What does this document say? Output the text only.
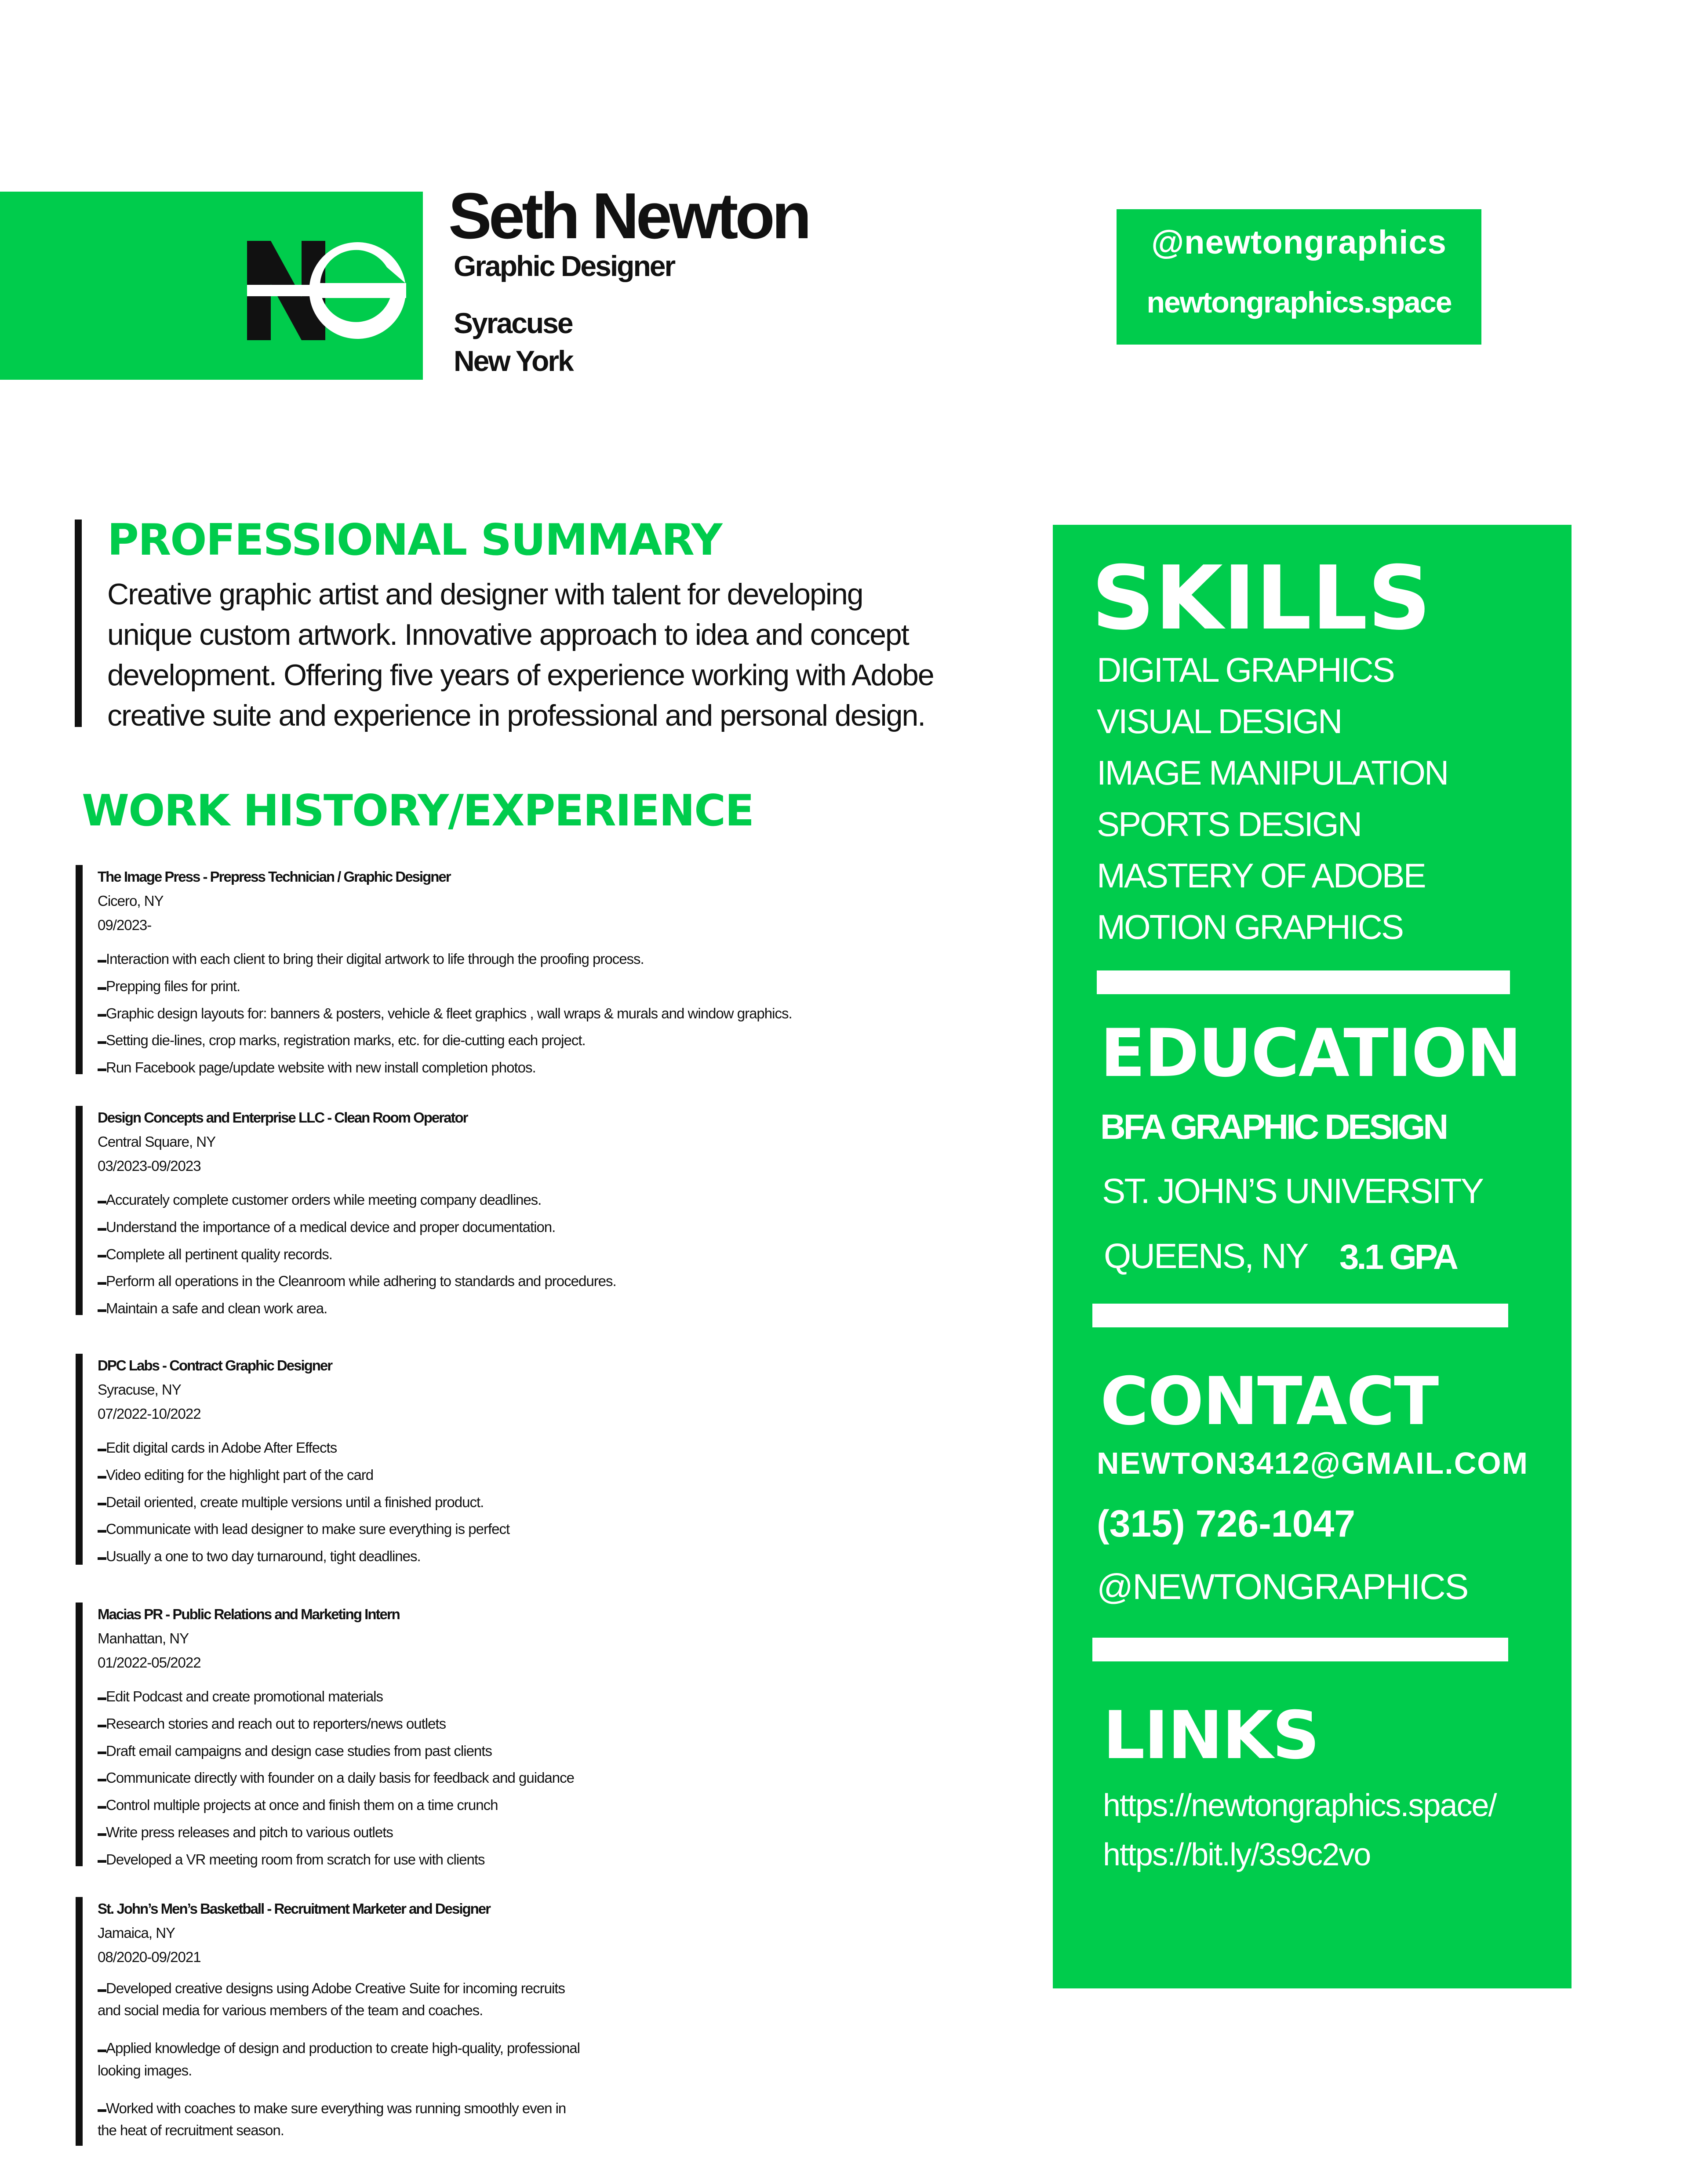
Seth Newton
Graphic Designer
Syracuse
New York
@newtongraphics
newtongraphics.space
PROFESSIONAL SUMMARY
Creative graphic artist and designer with talent for developing
unique custom artwork. Innovative approach to idea and concept
development. Offering five years of experience working with Adobe
creative suite and experience in professional and personal design.
WORK HISTORY/EXPERIENCE
The Image Press - Prepress Technician / Graphic Designer
Cicero, NY
09/2023-
▬ Interaction with each client to bring their digital artwork to life through the proofing process.
▬ Prepping files for print.
▬ Graphic design layouts for: banners & posters, vehicle & fleet graphics , wall wraps & murals and window graphics.
▬ Setting die-lines, crop marks, registration marks, etc. for die-cutting each project.
▬ Run Facebook page/update website with new install completion photos.
Design Concepts and Enterprise LLC - Clean Room Operator
Central Square, NY
03/2023-09/2023
▬ Accurately complete customer orders while meeting company deadlines.
▬ Understand the importance of a medical device and proper documentation.
▬ Complete all pertinent quality records.
▬ Perform all operations in the Cleanroom while adhering to standards and procedures.
▬ Maintain a safe and clean work area.
DPC Labs - Contract Graphic Designer
Syracuse, NY
07/2022-10/2022
▬ Edit digital cards in Adobe After Effects
▬ Video editing for the highlight part of the card
▬ Detail oriented, create multiple versions until a finished product.
▬ Communicate with lead designer to make sure everything is perfect
▬ Usually a one to two day turnaround, tight deadlines.
Macias PR - Public Relations and Marketing Intern
Manhattan, NY
01/2022-05/2022
▬ Edit Podcast and create promotional materials
▬ Research stories and reach out to reporters/news outlets
▬ Draft email campaigns and design case studies from past clients
▬ Communicate directly with founder on a daily basis for feedback and guidance
▬ Control multiple projects at once and finish them on a time crunch
▬ Write press releases and pitch to various outlets
▬ Developed a VR meeting room from scratch for use with clients
St. John’s Men’s Basketball - Recruitment Marketer and Designer
Jamaica, NY
08/2020-09/2021
▬ Developed creative designs using Adobe Creative Suite for incoming recruits and social media for various members of the team and coaches.
▬ Applied knowledge of design and production to create high-quality, professional looking images.
▬ Worked with coaches to make sure everything was running smoothly even in the heat of recruitment season.
SKILLS
DIGITAL GRAPHICS
VISUAL DESIGN
IMAGE MANIPULATION
SPORTS DESIGN
MASTERY OF ADOBE
MOTION GRAPHICS
EDUCATION
BFA GRAPHIC DESIGN
ST. JOHN’S UNIVERSITY
QUEENS, NY 3.1 GPA
CONTACT
NEWTON3412@GMAIL.COM
(315) 726-1047
@NEWTONGRAPHICS
LINKS
https://newtongraphics.space/
https://bit.ly/3s9c2vo
